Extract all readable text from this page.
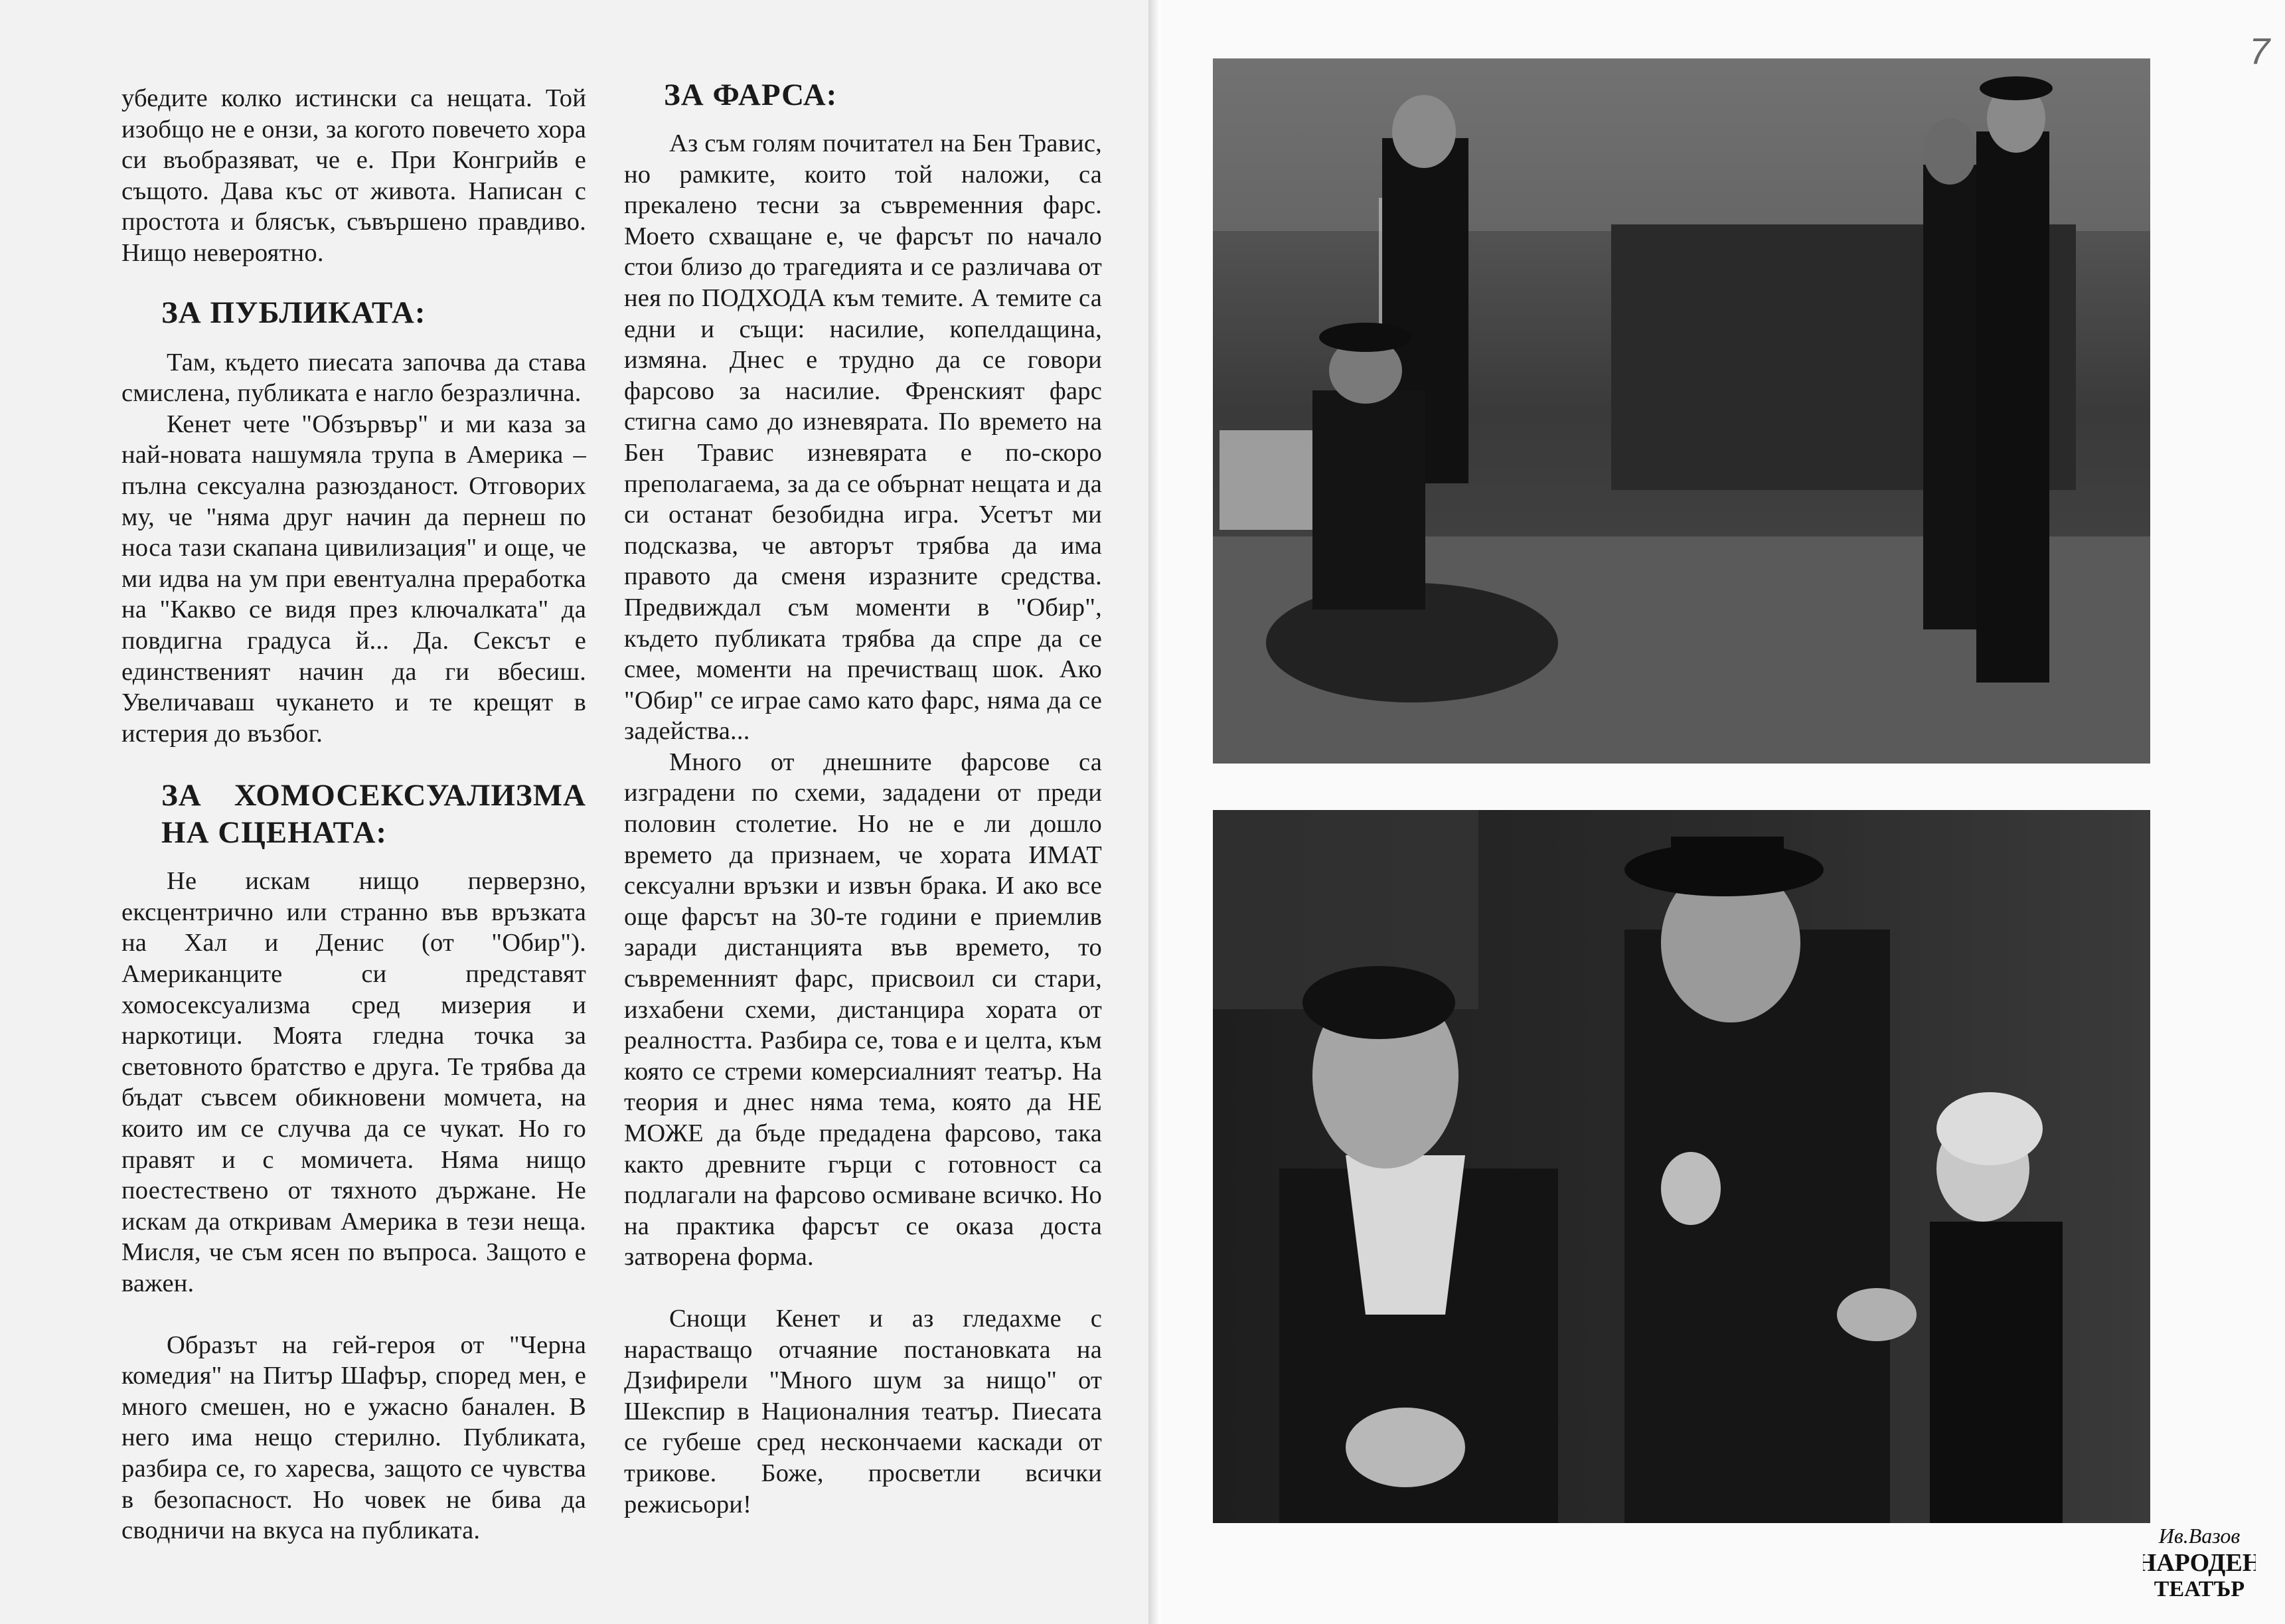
убедите колко истински са нещата. Той изобщо не е онзи, за когото повечето хора си въобразяват, че е. При Конгрийв е същото. Дава къс от живота. Написан с простота и блясък, съвършено правдиво. Нищо невероятно.

ЗА ПУБЛИКАТА:

Там, където пиесата започва да става смислена, публиката е нагло безразлична.

Кенет чете "Обзървър" и ми каза за най-новата нашумяла трупа в Америка – пълна сексуална разюзданост. Отговорих му, че "няма друг начин да пернеш по носа тази скапана цивилизация" и още, че ми идва на ум при евентуална преработка на "Какво се видя през ключалката" да повдигна градуса й... Да. Сексът е единственият начин да ги вбесиш. Увеличаваш чукането и те крещят в истерия до възбог.

ЗА ХОМОСЕКСУАЛИЗМА НА СЦЕНАТА:

Не искам нищо перверзно, ексцентрично или странно във връзката на Хал и Денис (от "Обир"). Американците си представят хомосексуализма сред мизерия и наркотици. Моята гледна точка за световното братство е друга. Те трябва да бъдат съвсем обикновени момчета, на които им се случва да се чукат. Но го правят и с момичета. Няма нищо поестествено от тяхното държане. Не искам да откривам Америка в тези неща. Мисля, че съм ясен по въпроса. Защото е важен.

Образът на гей-героя от "Черна комедия" на Питър Шафър, според мен, е много смешен, но е ужасно банален. В него има нещо стерилно. Публиката, разбира се, го харесва, защото се чувства в безопасност. Но човек не бива да сводничи на вкуса на публиката.

ЗА ФАРСА:

Аз съм голям почитател на Бен Травис, но рамките, които той наложи, са прекалено тесни за съвременния фарс. Моето схващане е, че фарсът по начало стои близо до трагедията и се различава от нея по ПОДХОДА към темите. А темите са едни и същи: насилие, копелдащина, измяна. Днес е трудно да се говори фарсово за насилие. Френският фарс стигна само до изневярата. По времето на Бен Травис изневярата е по-скоро преполагаема, за да се обърнат нещата и да си останат безобидна игра. Усетът ми подсказва, че авторът трябва да има правото да сменя изразните средства. Предвиждал съм моменти в "Обир", където публиката трябва да спре да се смее, моменти на пречистващ шок. Ако "Обир" се играе само като фарс, няма да се задейства...

Много от днешните фарсове са изградени по схеми, зададени от преди половин столетие. Но не е ли дошло времето да признаем, че хората ИМАТ сексуални връзки и извън брака. И ако все още фарсът на 30-те години е приемлив заради дистанцията във времето, то съвременният фарс, присвоил си стари, изхабени схеми, дистанцира хората от реалността. Разбира се, това е и целта, към която се стреми комерсиалният театър. На теория и днес няма тема, която да НЕ МОЖЕ да бъде предадена фарсово, така както древните гърци с готовност са подлагали на фарсово осмиване всичко. Но на практика фарсът се оказа доста затворена форма.

Снощи Кенет и аз гледахме с нарастващо отчаяние постановката на Дзифирели "Много шум за нищо" от Шекспир в Националния театър. Пиесата се губеше сред нескончаеми каскади от трикове. Боже, просветли всички режисьори!

7
Ив.Вазов
НАРОДЕН
ТЕАТЪР
